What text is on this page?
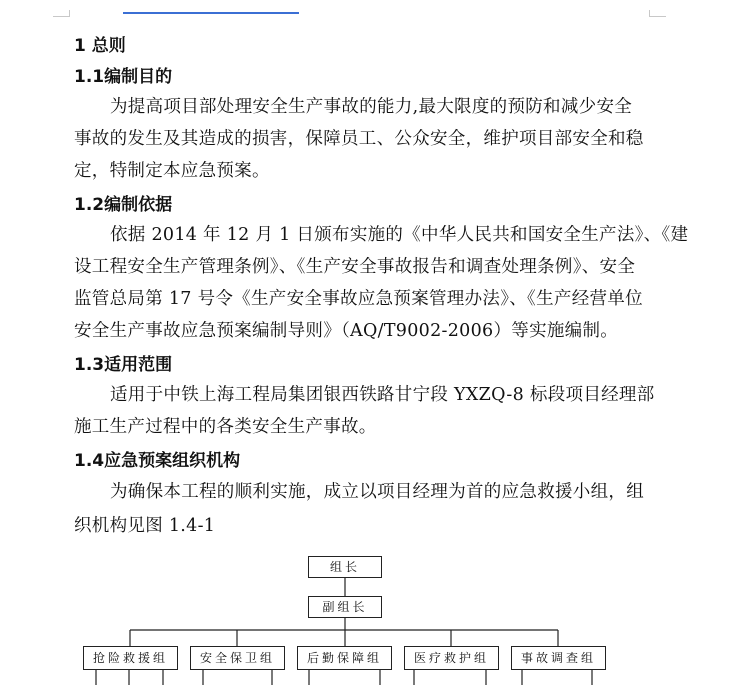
1 总则
1.1编制目的
为提高项目部处理安全生产事故的能力,最大限度的预防和减少安全
事故的发生及其造成的损害，保障员工、公众安全，维护项目部安全和稳
定，特制定本应急预案。
1.2编制依据
依据 2014 年 12 月 1 日颁布实施的《中华人民共和国安全生产法》、《建
设工程安全生产管理条例》、《生产安全事故报告和调查处理条例》、安全
监管总局第 17 号令《生产安全事故应急预案管理办法》、《生产经营单位
安全生产事故应急预案编制导则》（AQ/T9002-2006）等实施编制。
1.3适用范围
适用于中铁上海工程局集团银西铁路甘宁段 YXZQ-8 标段项目经理部
施工生产过程中的各类安全生产事故。
1.4应急预案组织机构
为确保本工程的顺利实施，成立以项目经理为首的应急救援小组，组
织机构见图 1.4-1
组长
副组长
抢险救援组	安全保卫组	后勤保障组	医疗救护组	事故调查组
